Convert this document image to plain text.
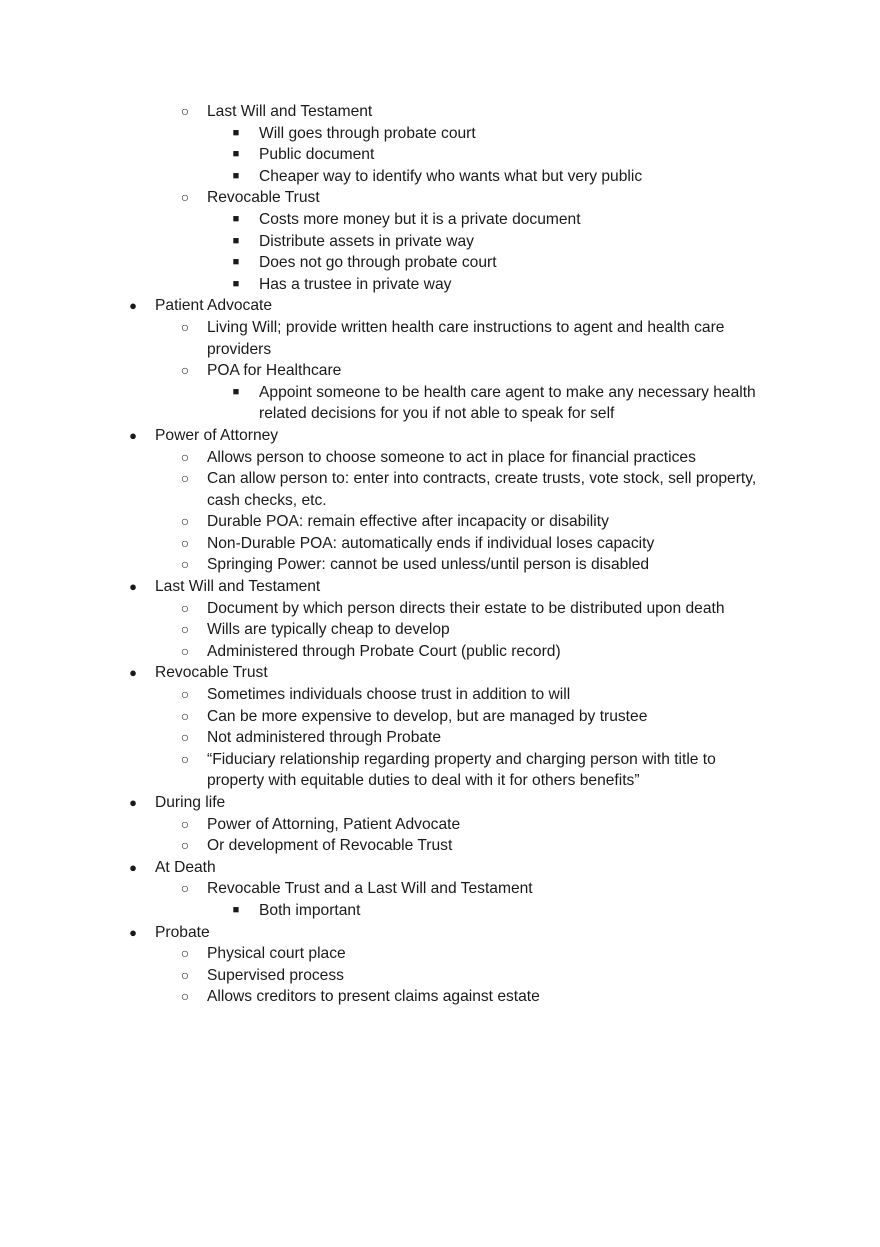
○ Last Will and Testament
■ Will goes through probate court
■ Public document
■ Cheaper way to identify who wants what but very public
○ Revocable Trust
■ Costs more money but it is a private document
■ Distribute assets in private way
■ Does not go through probate court
■ Has a trustee in private way
● Patient Advocate
○ Living Will; provide written health care instructions to agent and health care providers
○ POA for Healthcare
■ Appoint someone to be health care agent to make any necessary health related decisions for you if not able to speak for self
● Power of Attorney
○ Allows person to choose someone to act in place for financial practices
○ Can allow person to: enter into contracts, create trusts, vote stock, sell property, cash checks, etc.
○ Durable POA: remain effective after incapacity or disability
○ Non-Durable POA: automatically ends if individual loses capacity
○ Springing Power: cannot be used unless/until person is disabled
● Last Will and Testament
○ Document by which person directs their estate to be distributed upon death
○ Wills are typically cheap to develop
○ Administered through Probate Court (public record)
● Revocable Trust
○ Sometimes individuals choose trust in addition to will
○ Can be more expensive to develop, but are managed by trustee
○ Not administered through Probate
○ “Fiduciary relationship regarding property and charging person with title to property with equitable duties to deal with it for others benefits”
● During life
○ Power of Attorning, Patient Advocate
○ Or development of Revocable Trust
● At Death
○ Revocable Trust and a Last Will and Testament
■ Both important
● Probate
○ Physical court place
○ Supervised process
○ Allows creditors to present claims against estate
